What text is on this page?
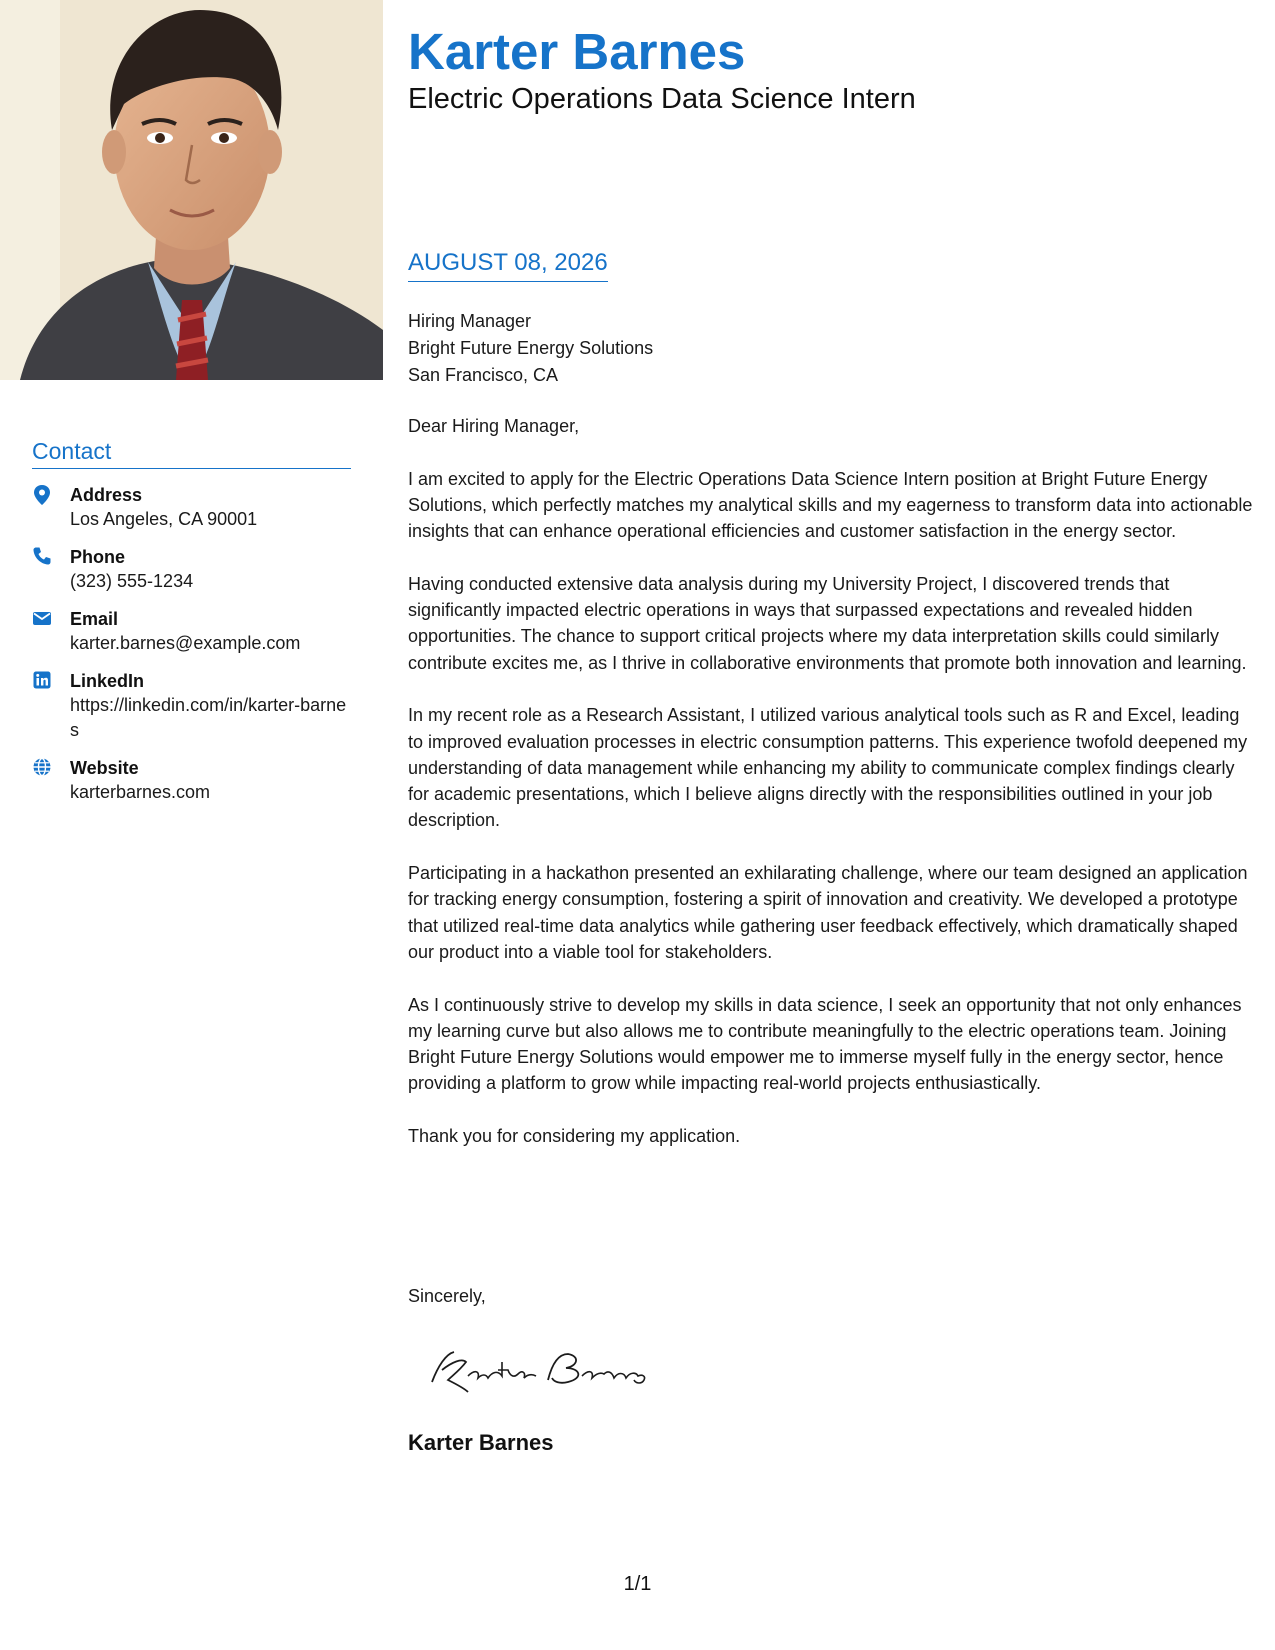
Contact
Address
Los Angeles, CA 90001
Phone
(323) 555-1234
Email
karter.barnes@example.com
LinkedIn
https://linkedin.com/in/karter-barnes
Website
karterbarnes.com
Karter Barnes
Electric Operations Data Science Intern
AUGUST 08, 2026
Hiring Manager
Bright Future Energy Solutions
San Francisco, CA

Dear Hiring Manager,

I am excited to apply for the Electric Operations Data Science Intern position at Bright Future Energy Solutions, which perfectly matches my analytical skills and my eagerness to transform data into actionable insights that can enhance operational efficiencies and customer satisfaction in the energy sector.

Having conducted extensive data analysis during my University Project, I discovered trends that significantly impacted electric operations in ways that surpassed expectations and revealed hidden opportunities. The chance to support critical projects where my data interpretation skills could similarly contribute excites me, as I thrive in collaborative environments that promote both innovation and learning.

In my recent role as a Research Assistant, I utilized various analytical tools such as R and Excel, leading to improved evaluation processes in electric consumption patterns. This experience twofold deepened my understanding of data management while enhancing my ability to communicate complex findings clearly for academic presentations, which I believe aligns directly with the responsibilities outlined in your job description.

Participating in a hackathon presented an exhilarating challenge, where our team designed an application for tracking energy consumption, fostering a spirit of innovation and creativity. We developed a prototype that utilized real-time data analytics while gathering user feedback effectively, which dramatically shaped our product into a viable tool for stakeholders.

As I continuously strive to develop my skills in data science, I seek an opportunity that not only enhances my learning curve but also allows me to contribute meaningfully to the electric operations team. Joining Bright Future Energy Solutions would empower me to immerse myself fully in the energy sector, hence providing a platform to grow while impacting real-world projects enthusiastically.

Thank you for considering my application.

Sincerely,
Karter Barnes
1/1
